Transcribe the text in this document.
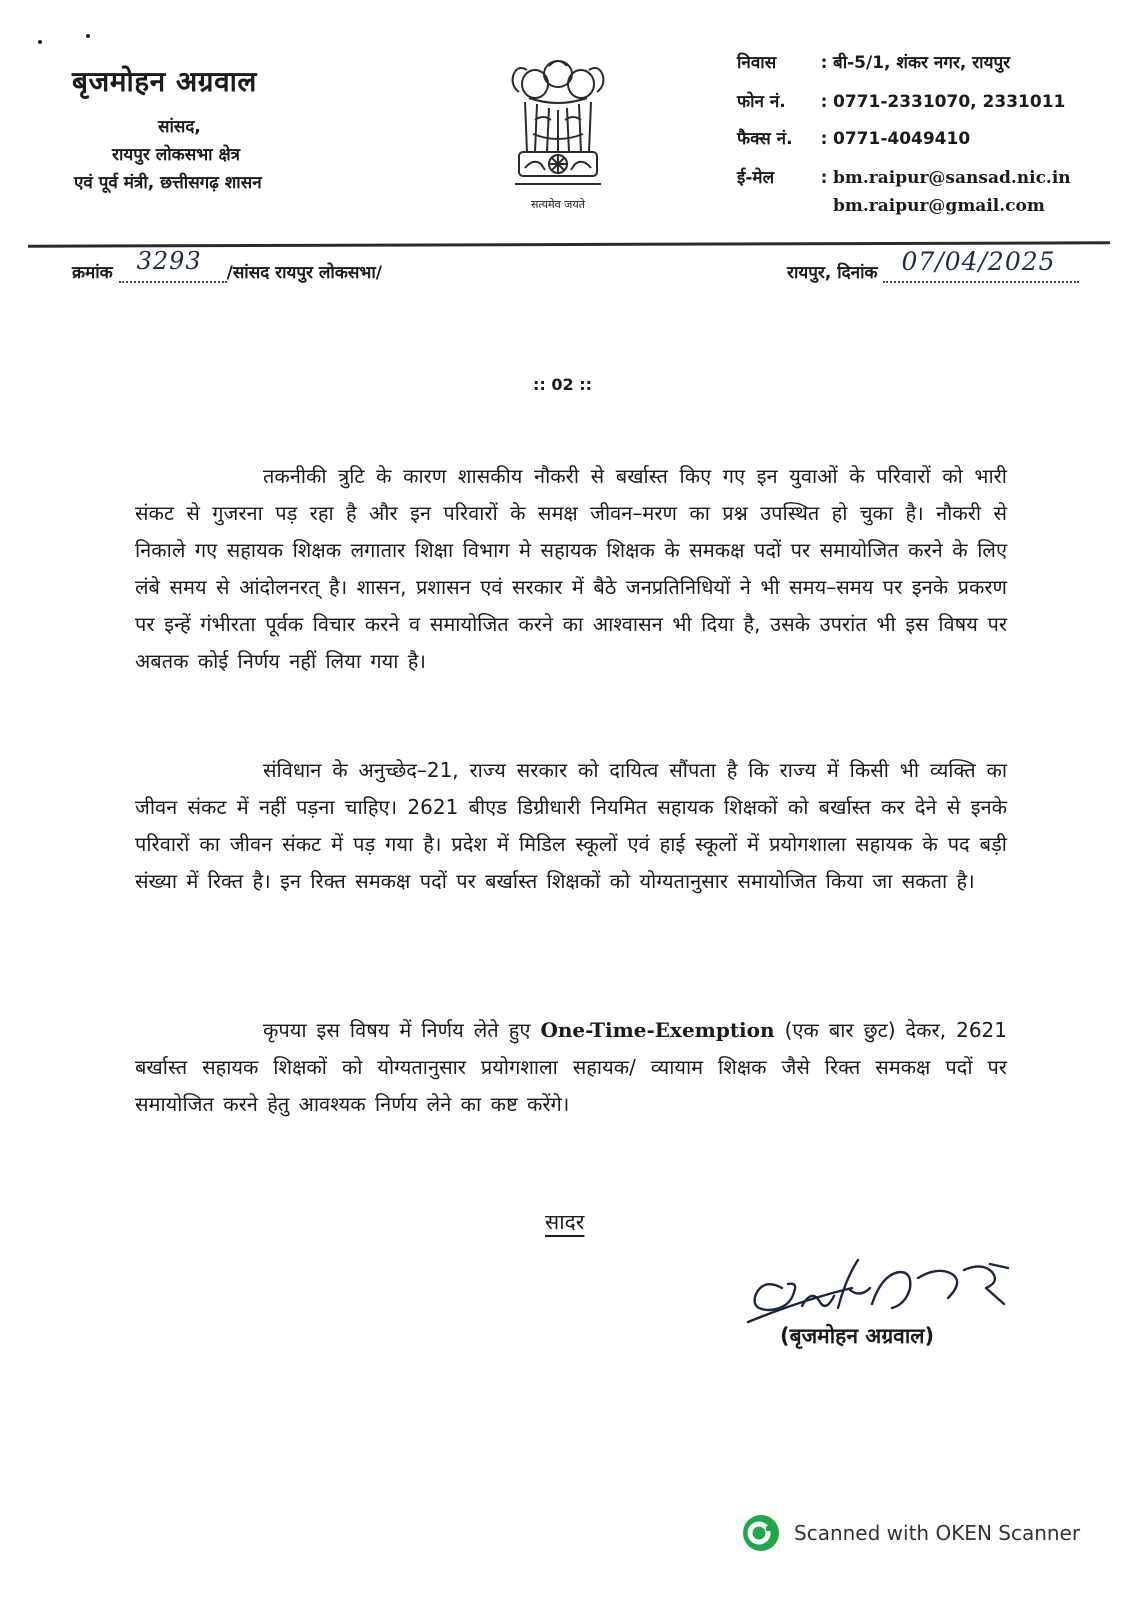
बृजमोहन अग्रवाल
सांसद,
रायपुर लोकसभा क्षेत्र
एवं पूर्व मंत्री, छत्तीसगढ़ शासन
सत्यमेव जयते
निवास	: बी-5/1, शंकर नगर, रायपुर
फोन नं. : 0771-2331070, 2331011
फैक्स नं. : 0771-4049410
ई-मेल	: bm.raipur@sansad.nic.in
bm.raipur@gmail.com
क्रमांक 3293 /सांसद रायपुर लोकसभा/	रायपुर, दिनांक 07/04/2025
:: 02 ::
तकनीकी त्रुटि के कारण शासकीय नौकरी से बर्खास्त किए गए इन युवाओं के परिवारों को भारी संकट से गुजरना पड़ रहा है और इन परिवारों के समक्ष जीवन–मरण का प्रश्न उपस्थित हो चुका है। नौकरी से निकाले गए सहायक शिक्षक लगातार शिक्षा विभाग मे सहायक शिक्षक के समकक्ष पदों पर समायोजित करने के लिए लंबे समय से आंदोलनरत् है। शासन, प्रशासन एवं सरकार में बैठे जनप्रतिनिधियों ने भी समय–समय पर इनके प्रकरण पर इन्हें गंभीरता पूर्वक विचार करने व समायोजित करने का आश्वासन भी दिया है, उसके उपरांत भी इस विषय पर अबतक कोई निर्णय नहीं लिया गया है।
संविधान के अनुच्छेद–21, राज्य सरकार को दायित्व सौंपता है कि राज्य में किसी भी व्यक्ति का जीवन संकट में नहीं पड़ना चाहिए। 2621 बीएड डिग्रीधारी नियमित सहायक शिक्षकों को बर्खास्त कर देने से इनके परिवारों का जीवन संकट में पड़ गया है। प्रदेश में मिडिल स्कूलों एवं हाई स्कूलों में प्रयोगशाला सहायक के पद बड़ी संख्या में रिक्त है। इन रिक्त समकक्ष पदों पर बर्खास्त शिक्षकों को योग्यतानुसार समायोजित किया जा सकता है।
कृपया इस विषय में निर्णय लेते हुए One-Time-Exemption (एक बार छुट) देकर, 2621 बर्खास्त सहायक शिक्षकों को योग्यतानुसार प्रयोगशाला सहायक/ व्यायाम शिक्षक जैसे रिक्त समकक्ष पदों पर समायोजित करने हेतु आवश्यक निर्णय लेने का कष्ट करेंगे।
सादर
(बृजमोहन अग्रवाल)
Scanned with OKEN Scanner
